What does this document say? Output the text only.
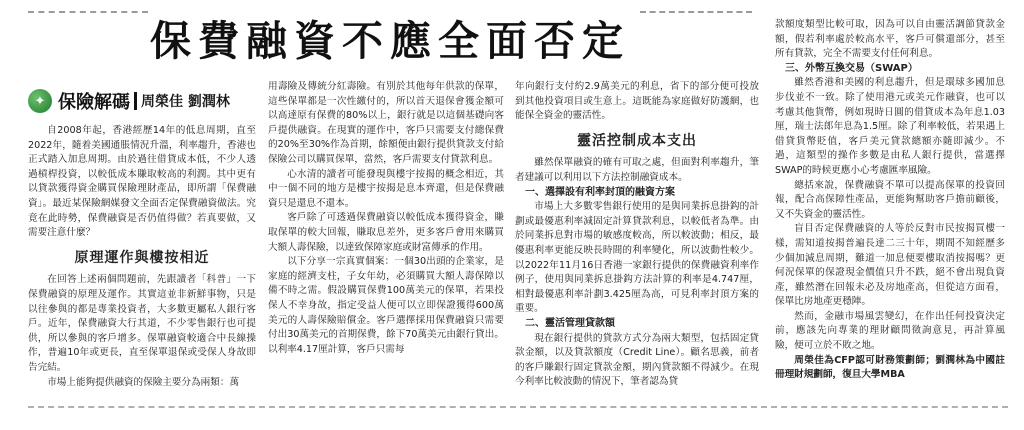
保費融資不應全面否定
✦ 保險解碼 周榮佳 劉潤林

自2008年起，香港經歷14年的低息周期，直至2022年，隨着美國通脹情況升溫，利率趨升，香港也正式踏入加息周期。由於過往借貸成本低，不少人透過槓桿投資，以較低成本賺取較高的利潤。其中更有以貸款獲得資金購買保險理財產品，即所謂「保費融資」。最近某保險網媒發文全面否定保費融資做法。究竟在此時勢，保費融資是否仍值得做？若真要做，又需要注意什麼？

原理運作與樓按相近

在回答上述兩個問題前，先跟讀者「科普」一下保費融資的原理及運作。其實這並非新鮮事物，只是以往參與的都是專業投資者，大多數更屬私人銀行客戶。近年，保費融資大行其道，不少零售銀行也可提供，所以參與的客戶增多。保單融資較適合中長線操作，普遍10年或更長，直至保單退保或受保人身故即告完結。

市場上能夠提供融資的保險主要分為兩類：萬

用壽險及傳統分紅壽險。有別於其他每年供款的保單，這些保單都是一次性繳付的，所以首天退保會獲金額可以高達原有保費的80%以上，銀行就是以這個基礎向客戶提供融資。在現實的運作中，客戶只需要支付總保費的20%至30%作為首期，餘額便由銀行提供貸款支付給保險公司以購買保單，當然，客戶需要支付貸款利息。

心水清的讀者可能發現與樓宇按揭的概念相近，其中一個不同的地方是樓宇按揭是息本齊還，但是保費融資只是還息不還本。

客戶除了可透過保費融資以較低成本獲得資金，賺取保單的較大回報，賺取息差外，更多客戶會用來購買大額人壽保險，以達致保障家庭或財富傳承的作用。

以下分享一宗真實個案：一個30出頭的企業家，是家庭的經濟支柱，子女年幼，必須購買大額人壽保障以備不時之需。假設購買保費100萬美元的保單，若果投保人不幸身故，指定受益人便可以立即保證獲得600萬美元的人壽保險賠償金。客戶選擇採用保費融資只需要付出30萬美元的首期保費，餘下70萬美元由銀行貸出。以利率4.17厘計算，客戶只需每

年向銀行支付約2.9萬美元的利息，省下的部分便可投放到其他投資項目或生意上。這既能為家庭做好防護網，也能保全資金的靈活性。

靈活控制成本支出

雖然保單融資的確有可取之處，但面對利率趨升，筆者建議可以利用以下方法控制融資成本。

一、選擇設有利率封頂的融資方案

市場上大多數零售銀行使用的是與同業拆息掛鈎的計劃或最優惠利率減固定計算貸款利息，以較低者為準。由於同業拆息對市場的敏感度較高，所以較波動；相反，最優惠利率更能反映長時間的利率變化，所以波動性較少。以2022年11月16日香港一家銀行提供的保費融資利率作例子，使用與同業拆息掛鈎方法計算的利率是4.747厘，相對最優惠利率計劃3.425厘為高，可見利率封頂方案的重要。

二、靈活管理貸款額

現在銀行提供的貸款方式分為兩大類型，包括固定貸款金額，以及貸款額度（Credit Line）。顧名思義，前者的客戶賺銀行固定貸款金額，期內貸款額不得減少。在現今利率比較波動的情況下，筆者認為貸

款額度類型比較可取，因為可以自由靈活調節貸款金額，假若利率處於較高水平，客戶可償還部分，甚至所有貸款，完全不需要支付任何利息。

三、外幣互換交易（SWAP）

雖然香港和美國的利息趨升，但是環球多國加息步伐並不一致。除了使用港元或美元作融資，也可以考慮其他貨幣，例如現時日圓的借貸成本為年息1.03厘，瑞士法郎年息為1.5厘。除了利率較低，若果遇上借貸貨幣貶值，客戶美元貸款總額亦隨即減少。不過，這類型的操作多數是由私人銀行提供，當選擇SWAP的時候更應小心考慮匯率風險。

總括來說，保費融資不單可以提高保單的投資回報，配合高保障性產品，更能夠幫助客戶擔前顧後，又不失資金的靈活性。

盲目否定保費融資的人等於反對市民按揭買樓一樣，需知道按揭普遍長達二三十年，期間不知經歷多少個加減息周期，難道一加息便要樓取消按揭嗎？更何況保單的保證現金價值只升不跌，絕不會出現負資產，雖然潛在回報未必及房地產高，但從這方面看，保單比房地產更穩陣。

然而，金融市場風雲變幻，在作出任何投資決定前，應該先向專業的理財顧問徵詢意見，再計算風險，便可立於不敗之地。

周榮佳為CFP認可財務策劃師；劉潤林為中國註冊理財規劃師，復旦大學MBA
